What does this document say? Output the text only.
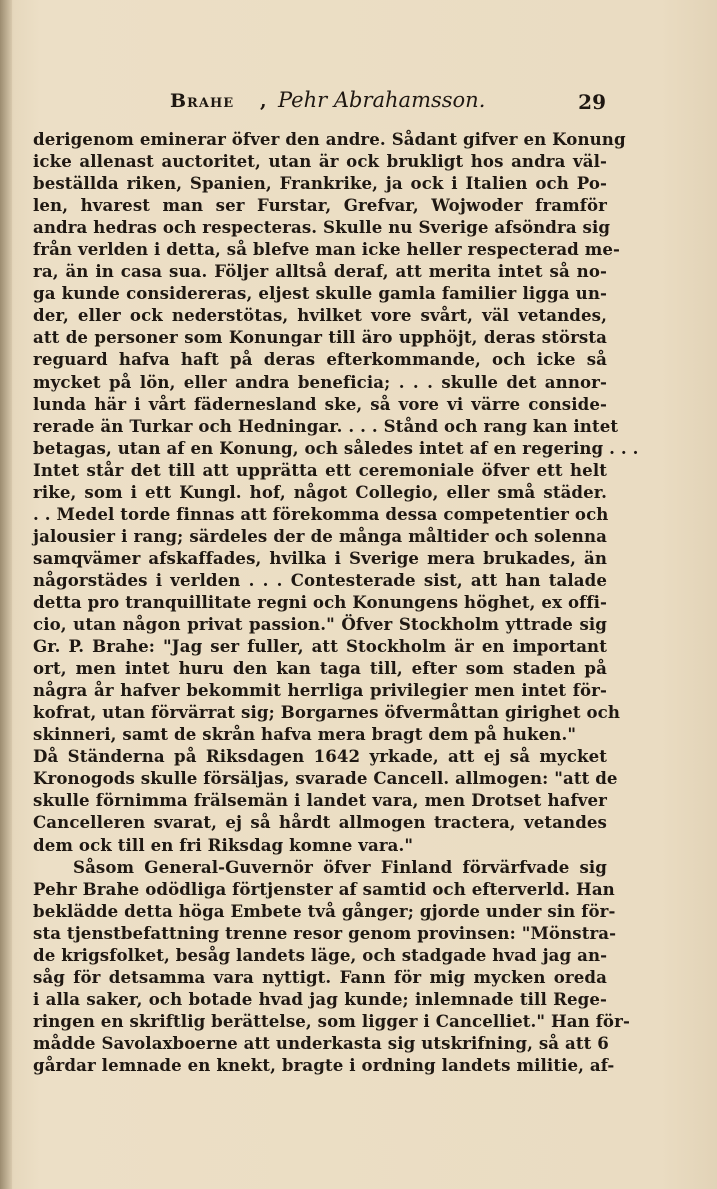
Brahe , Pehr Abrahamsson.	29
derigenom eminerar öfver den andre. Sådant gifver en Konung
icke allenast auctoritet, utan är ock brukligt hos andra väl-
beställda riken, Spanien, Frankrike, ja ock i Italien och Po-
len, hvarest man ser Furstar, Grefvar, Wojwoder framför
andra hedras och respecteras. Skulle nu Sverige afsöndra sig
från verlden i detta, så blefve man icke heller respecterad me-
ra, än in casa sua. Följer alltså deraf, att merita intet så no-
ga kunde considereras, eljest skulle gamla familier ligga un-
der, eller ock nederstötas, hvilket vore svårt, väl vetandes,
att de personer som Konungar till äro upphöjt, deras största
reguard hafva haft på deras efterkommande, och icke så
mycket på lön, eller andra beneficia; . . . skulle det annor-
lunda här i vårt fädernesland ske, så vore vi värre conside-
rerade än Turkar och Hedningar. . . . Stånd och rang kan intet
betagas, utan af en Konung, och således intet af en regering . . .
Intet står det till att upprätta ett ceremoniale öfver ett helt
rike, som i ett Kungl. hof, något Collegio, eller små städer.
. . Medel torde finnas att förekomma dessa competentier och
jalousier i rang; särdeles der de många måltider och solenna
samqvämer afskaffades, hvilka i Sverige mera brukades, än
någorstädes i verlden . . . Contesterade sist, att han talade
detta pro tranquillitate regni och Konungens höghet, ex offi-
cio, utan någon privat passion." Öfver Stockholm yttrade sig
Gr. P. Brahe: "Jag ser fuller, att Stockholm är en important
ort, men intet huru den kan taga till, efter som staden på
några år hafver bekommit herrliga privilegier men intet för-
kofrat, utan förvärrat sig; Borgarnes öfvermåttan girighet och
skinneri, samt de skrån hafva mera bragt dem på huken."
Då Ständerna på Riksdagen 1642 yrkade, att ej så mycket
Kronogods skulle försäljas, svarade Cancell. allmogen: "att de
skulle förnimma frälsemän i landet vara, men Drotset hafver
Cancelleren svarat, ej så hårdt allmogen tractera, vetandes
dem ock till en fri Riksdag komne vara."
Såsom General-Guvernör öfver Finland förvärfvade sig
Pehr Brahe odödliga förtjenster af samtid och efterverld. Han
beklädde detta höga Embete två gånger; gjorde under sin för-
sta tjenstbefattning trenne resor genom provinsen: "Mönstra-
de krigsfolket, besåg landets läge, och stadgade hvad jag an-
såg för detsamma vara nyttigt. Fann för mig mycken oreda
i alla saker, och botade hvad jag kunde; inlemnade till Rege-
ringen en skriftlig berättelse, som ligger i Cancelliet." Han för-
mådde Savolaxboerne att underkasta sig utskrifning, så att 6
gårdar lemnade en knekt, bragte i ordning landets militie, af-
